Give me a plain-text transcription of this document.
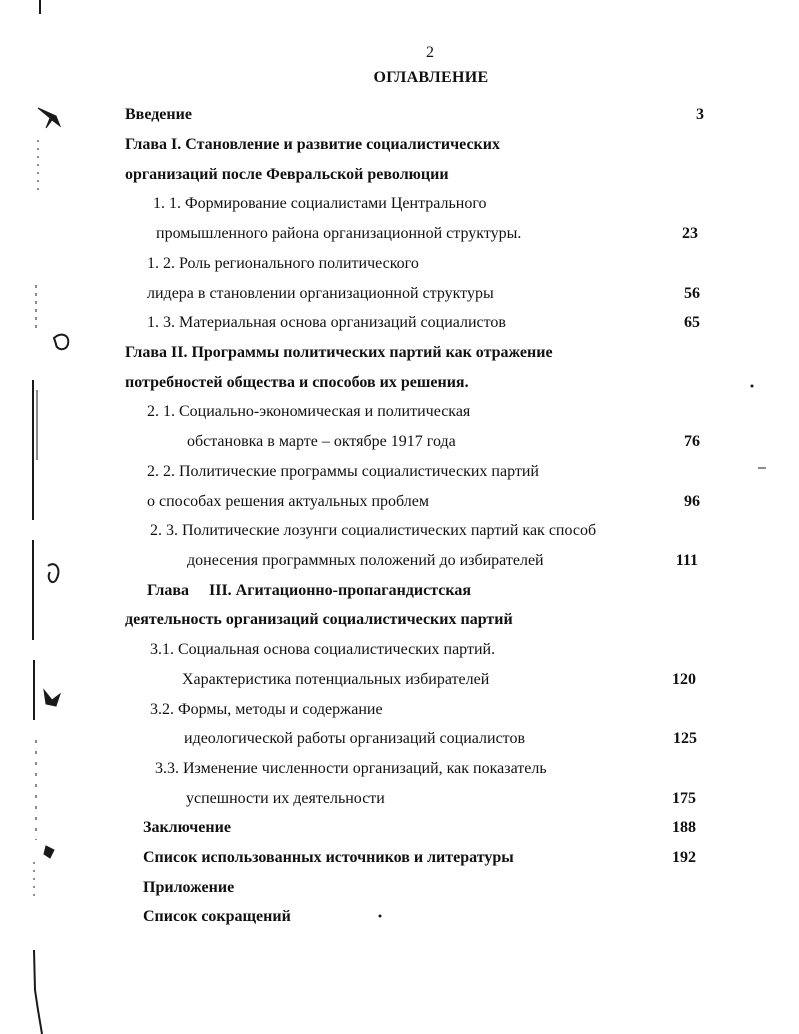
2
ОГЛАВЛЕНИЕ
Введение	3
Глава I. Становление и развитие социалистических
организаций после Февральской революции
1. 1. Формирование социалистами Центрального
промышленного района организационной структуры.	23
1. 2. Роль регионального политического
лидера в становлении организационной структуры	56
1. 3. Материальная основа организаций социалистов	65
Глава II. Программы политических партий как отражение
потребностей общества и способов их решения.
2. 1. Социально-экономическая и политическая
обстановка в марте – октябре 1917 года	76
2. 2. Политические программы социалистических партий
о способах решения актуальных проблем	96
2. 3. Политические лозунги социалистических партий как способ
донесения программных положений до избирателей	111
Глава     III. Агитационно-пропагандистская
деятельность организаций социалистических партий
3.1. Социальная основа социалистических партий.
Характеристика потенциальных избирателей	120
3.2. Формы, методы и содержание
идеологической работы организаций социалистов	125
3.3. Изменение численности организаций, как показатель
успешности их деятельности	175
Заключение	188
Список использованных источников и литературы	192
Приложение
Список сокращений
